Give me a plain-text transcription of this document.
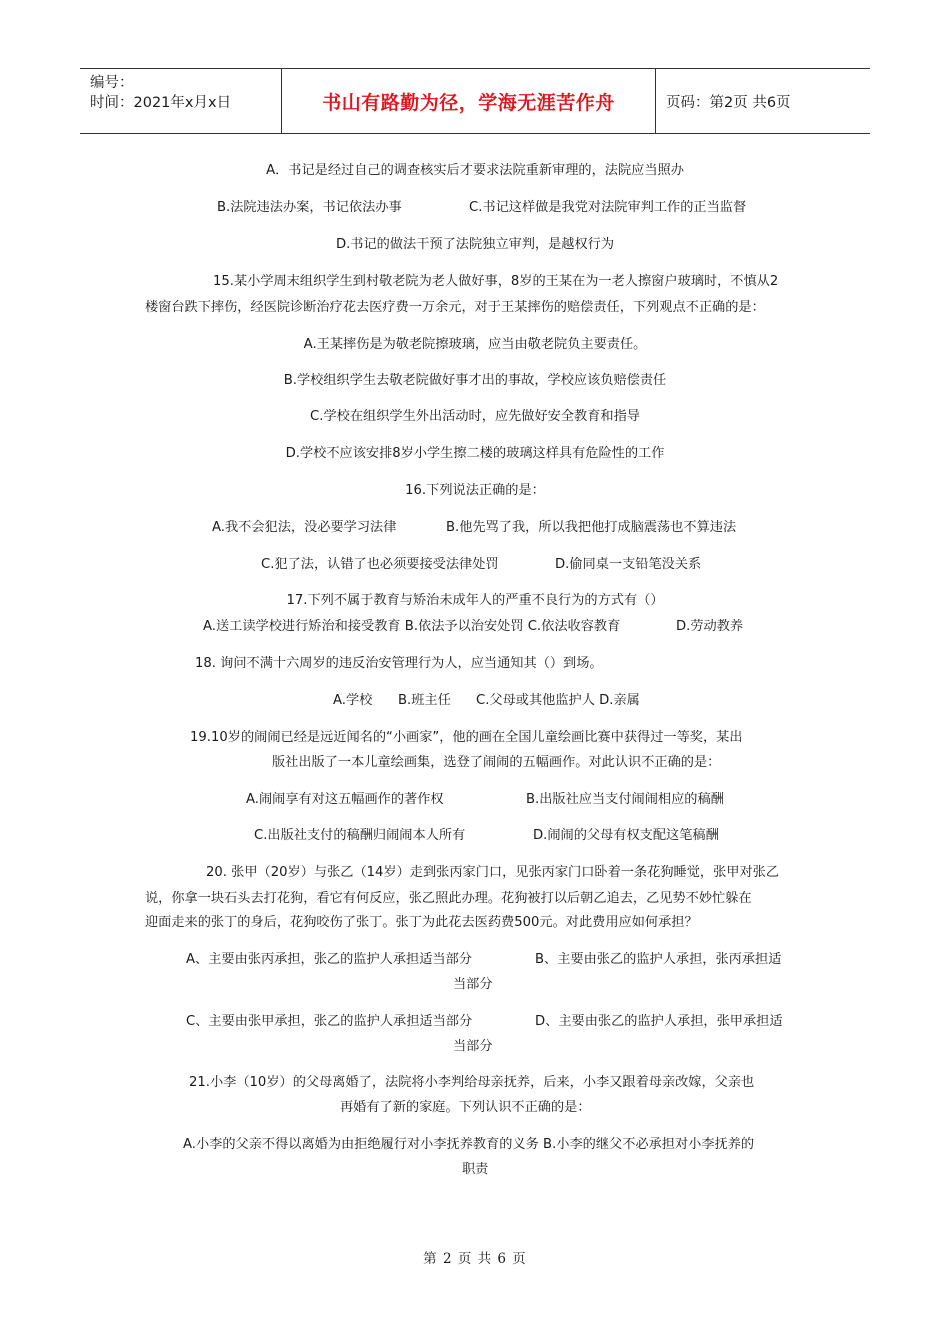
编号：
时间：2021年x月x日	书山有路勤为径，学海无涯苦作舟	页码：第2页 共6页
A．书记是经过自己的调查核实后才要求法院重新审理的，法院应当照办
B.法院违法办案，书记依法办事	C.书记这样做是我党对法院审判工作的正当监督
D.书记的做法干预了法院独立审判，是越权行为
15.某小学周末组织学生到村敬老院为老人做好事，8岁的王某在为一老人擦窗户玻璃时，不慎从2
楼窗台跌下摔伤，经医院诊断治疗花去医疗费一万余元，对于王某摔伤的赔偿责任，下列观点不正确的是：
A.王某摔伤是为敬老院擦玻璃，应当由敬老院负主要责任。
B.学校组织学生去敬老院做好事才出的事故，学校应该负赔偿责任
C.学校在组织学生外出活动时，应先做好安全教育和指导
D.学校不应该安排8岁小学生擦二楼的玻璃这样具有危险性的工作
16.下列说法正确的是：
A.我不会犯法，没必要学习法律	B.他先骂了我，所以我把他打成脑震荡也不算违法
C.犯了法，认错了也必须要接受法律处罚	D.偷同桌一支铅笔没关系
17.下列不属于教育与矫治未成年人的严重不良行为的方式有（）
A.送工读学校进行矫治和接受教育 B.依法予以治安处罚 C.依法收容教育	D.劳动教养
18. 询问不满十六周岁的违反治安管理行为人，应当通知其（）到场。
A.学校 B.班主任 C.父母或其他监护人 D.亲属
19.10岁的闹闹已经是远近闻名的“小画家”，他的画在全国儿童绘画比赛中获得过一等奖，某出
版社出版了一本儿童绘画集，选登了闹闹的五幅画作。对此认识不正确的是：
A.闹闹享有对这五幅画作的著作权	B.出版社应当支付闹闹相应的稿酬
C.出版社支付的稿酬归闹闹本人所有	D.闹闹的父母有权支配这笔稿酬
20. 张甲（20岁）与张乙（14岁）走到张丙家门口，见张丙家门口卧着一条花狗睡觉，张甲对张乙
说，你拿一块石头去打花狗，看它有何反应，张乙照此办理。花狗被打以后朝乙追去，乙见势不妙忙躲在
迎面走来的张丁的身后，花狗咬伤了张丁。张丁为此花去医药费500元。对此费用应如何承担？
A、主要由张丙承担，张乙的监护人承担适当部分	B、主要由张乙的监护人承担，张丙承担适
当部分
C、主要由张甲承担，张乙的监护人承担适当部分	D、主要由张乙的监护人承担，张甲承担适
当部分
21.小李（10岁）的父母离婚了，法院将小李判给母亲抚养，后来，小李又跟着母亲改嫁，父亲也
再婚有了新的家庭。下列认识不正确的是：
A.小李的父亲不得以离婚为由拒绝履行对小李抚养教育的义务 B.小李的继父不必承担对小李抚养的
职责
第 2 页 共 6 页
